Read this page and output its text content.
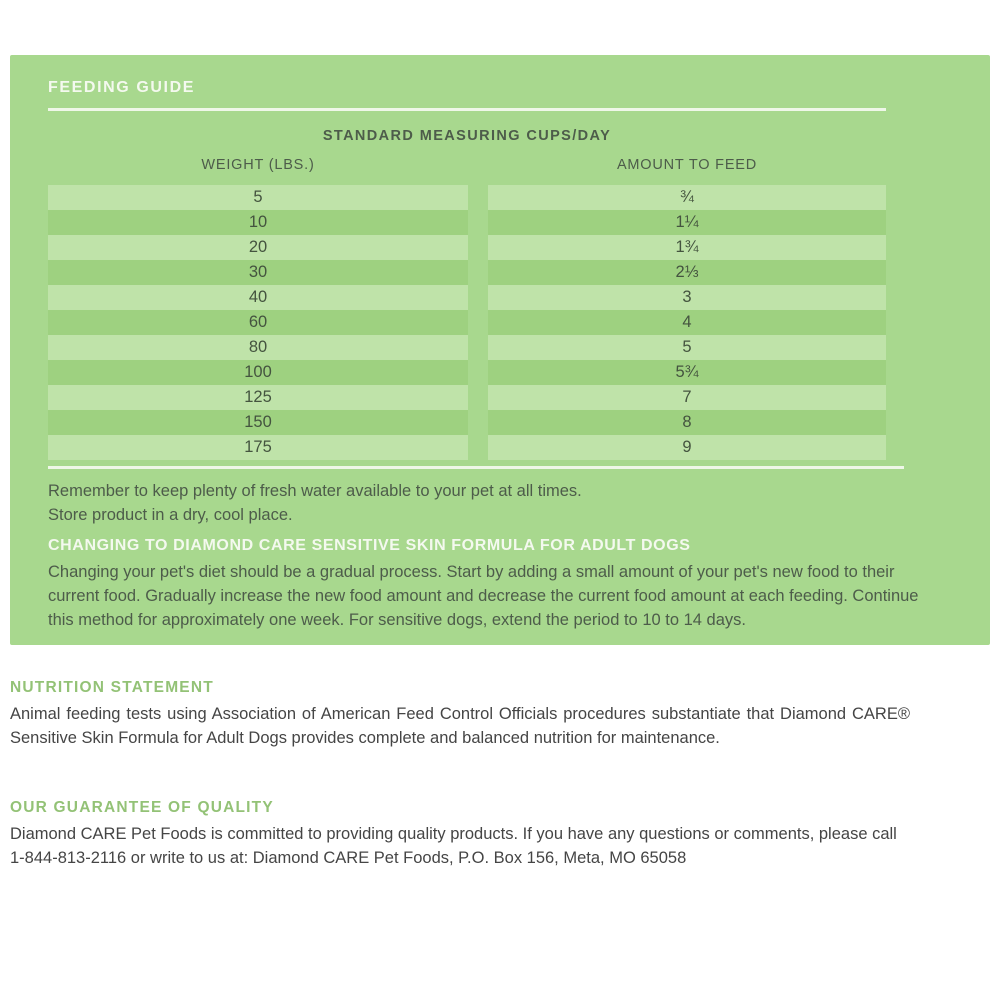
FEEDING GUIDE
STANDARD MEASURING CUPS/DAY
WEIGHT (LBS.)	AMOUNT TO FEED
5	¾
10	1¼
20	1¾
30	2⅓
40	3
60	4
80	5
100	5¾
125	7
150	8
175	9
Remember to keep plenty of fresh water available to your pet at all times.
Store product in a dry, cool place.
CHANGING TO DIAMOND CARE SENSITIVE SKIN FORMULA FOR ADULT DOGS
Changing your pet's diet should be a gradual process. Start by adding a small amount of your pet's new food to their current food. Gradually increase the new food amount and decrease the current food amount at each feeding. Continue this method for approximately one week. For sensitive dogs, extend the period to 10 to 14 days.
NUTRITION STATEMENT
Animal feeding tests using Association of American Feed Control Officials procedures substantiate that Diamond CARE® Sensitive Skin Formula for Adult Dogs provides complete and balanced nutrition for maintenance.
OUR GUARANTEE OF QUALITY
Diamond CARE Pet Foods is committed to providing quality products. If you have any questions or comments, please call 1-844-813-2116 or write to us at: Diamond CARE Pet Foods, P.O. Box 156, Meta, MO 65058
